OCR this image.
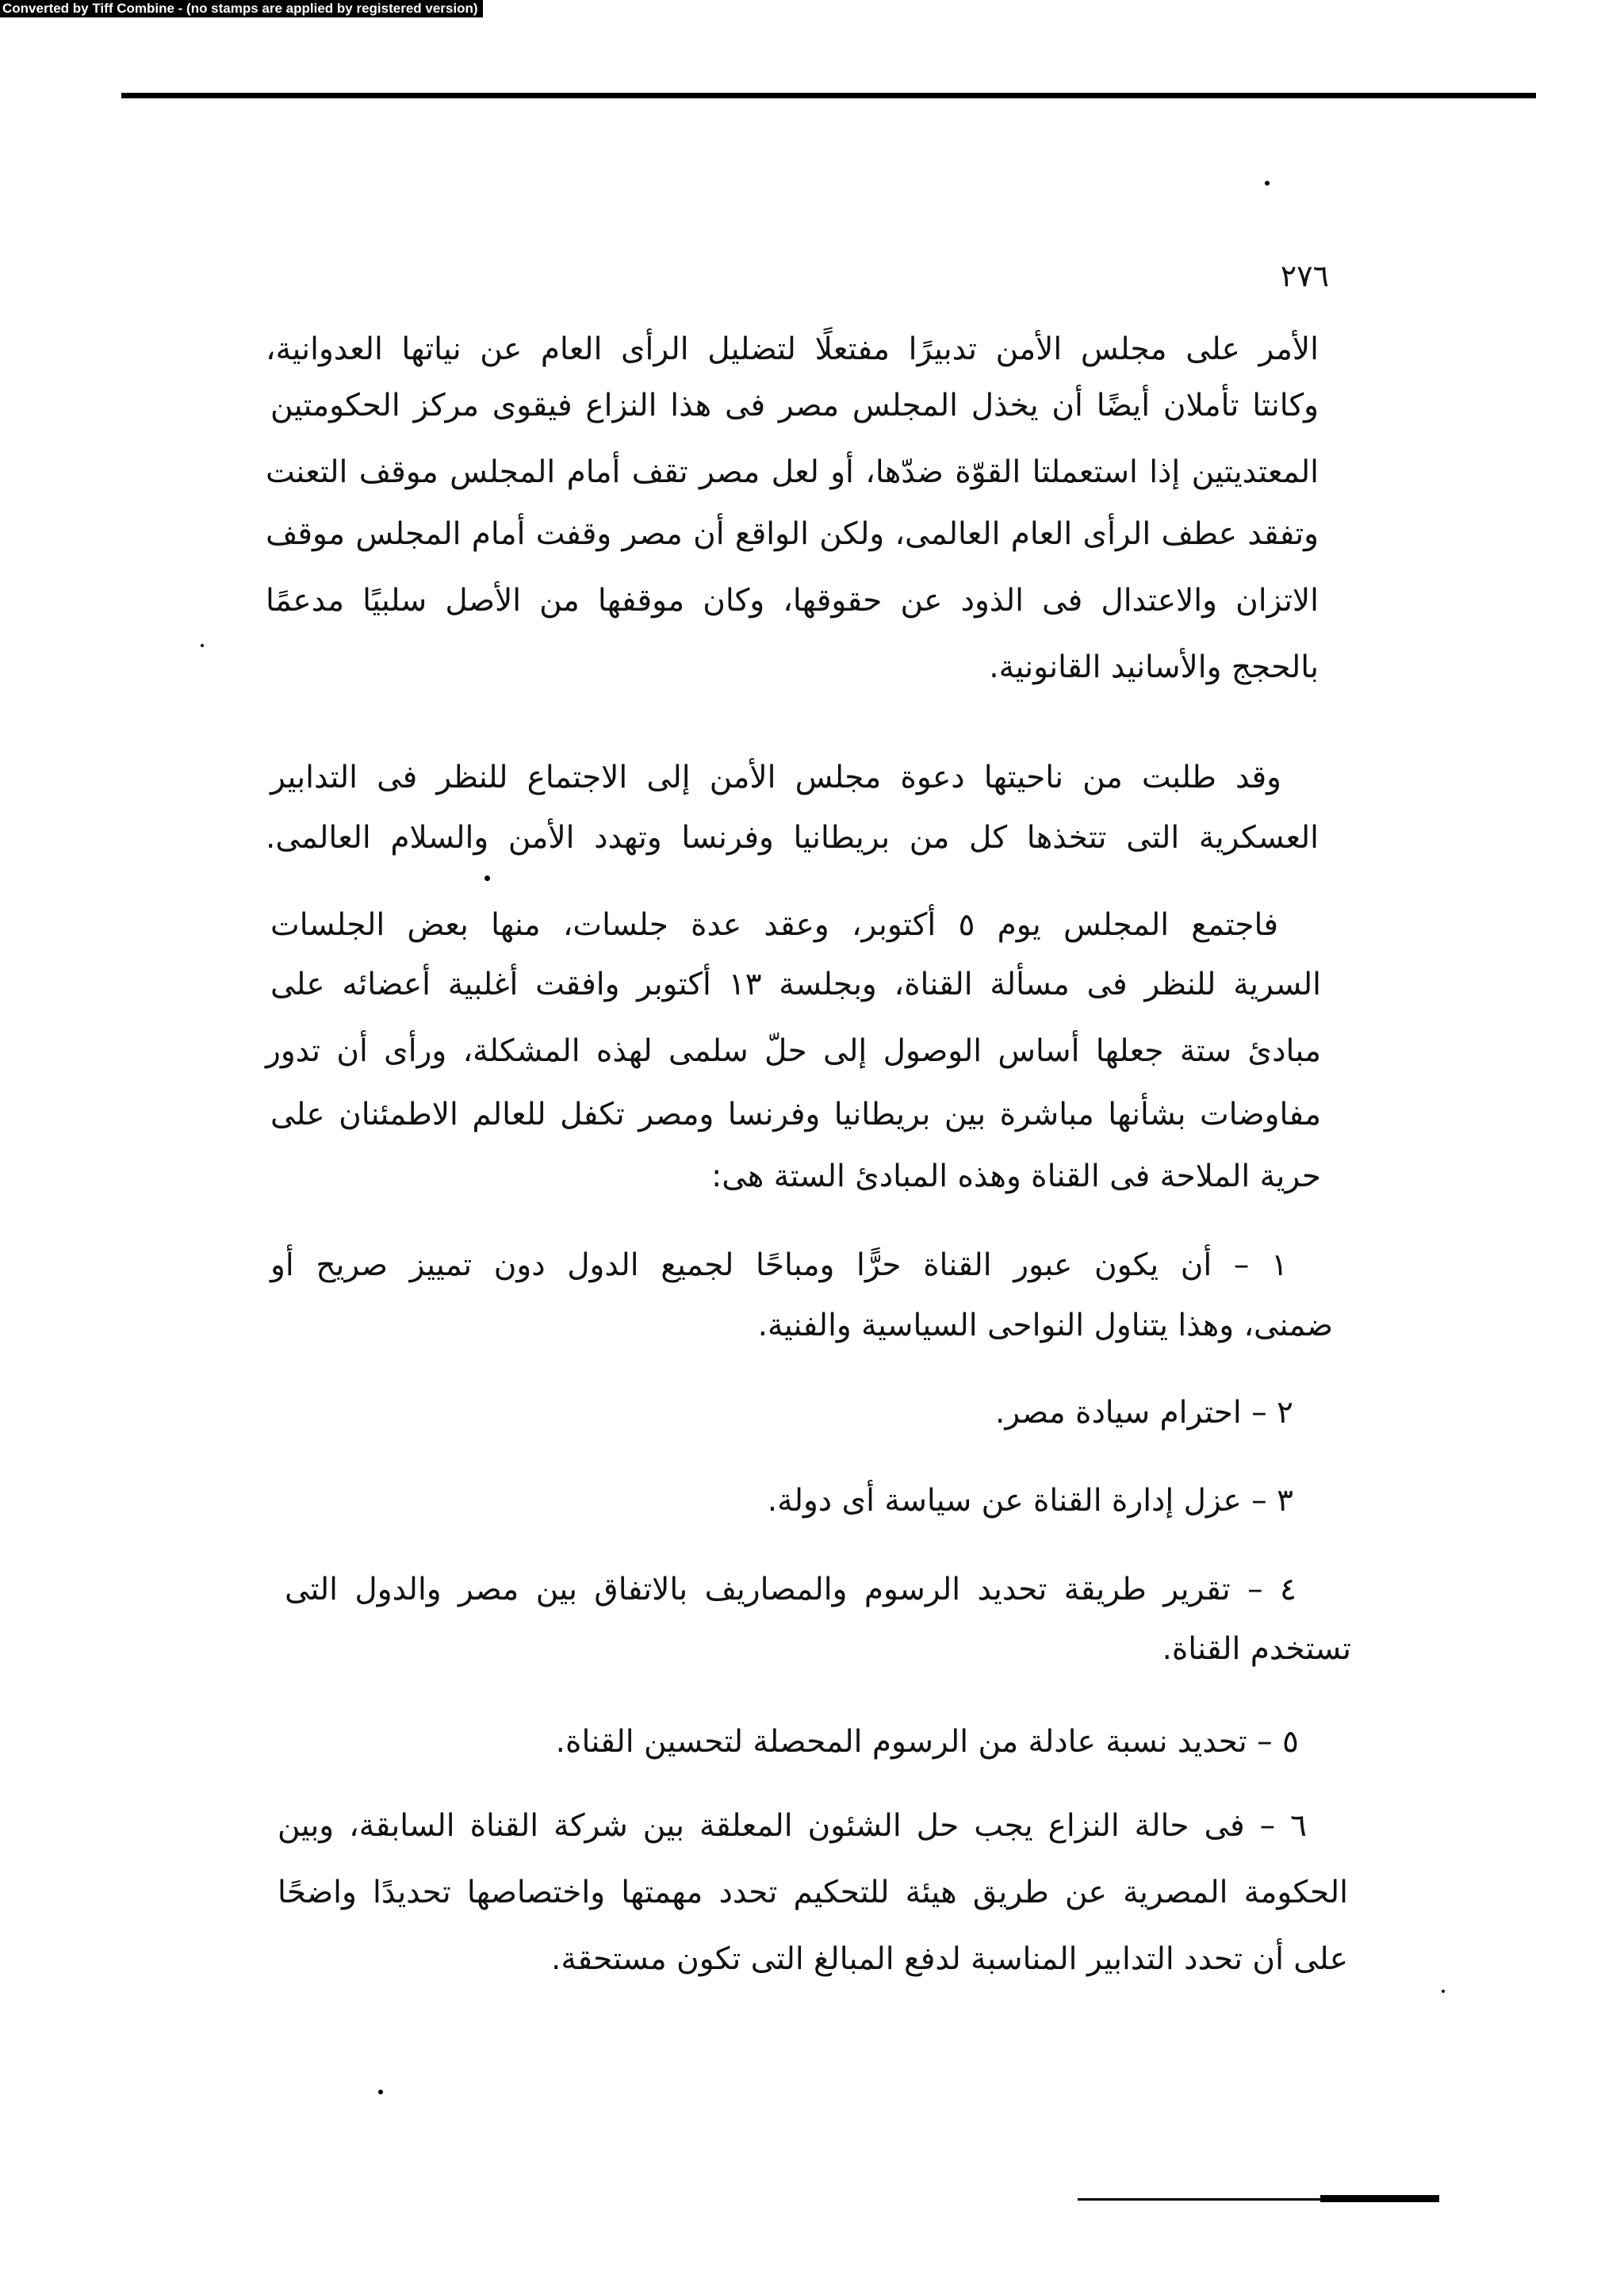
Converted by Tiff Combine - (no stamps are applied by registered version)
٢٧٦
الأمر على مجلس الأمن تدبيرًا مفتعلًا لتضليل الرأى العام عن نياتها العدوانية،
وكانتا تأملان أيضًا أن يخذل المجلس مصر فى هذا النزاع فيقوى مركز الحكومتين
المعتديتين إذا استعملتا القوّة ضدّها، أو لعل مصر تقف أمام المجلس موقف التعنت
وتفقد عطف الرأى العام العالمى، ولكن الواقع أن مصر وقفت أمام المجلس موقف
الاتزان والاعتدال فى الذود عن حقوقها، وكان موقفها من الأصل سلبيًا مدعمًا
بالحجج والأسانيد القانونية.
وقد طلبت من ناحيتها دعوة مجلس الأمن إلى الاجتماع للنظر فى التدابير
العسكرية التى تتخذها كل من بريطانيا وفرنسا وتهدد الأمن والسلام العالمى.
فاجتمع المجلس يوم ٥ أكتوبر، وعقد عدة جلسات، منها بعض الجلسات
السرية للنظر فى مسألة القناة، وبجلسة ١٣ أكتوبر وافقت أغلبية أعضائه على
مبادئ ستة جعلها أساس الوصول إلى حلّ سلمى لهذه المشكلة، ورأى أن تدور
مفاوضات بشأنها مباشرة بين بريطانيا وفرنسا ومصر تكفل للعالم الاطمئنان على
حرية الملاحة فى القناة وهذه المبادئ الستة هى:
١ – أن يكون عبور القناة حرًّا ومباحًا لجميع الدول دون تمييز صريح أو
ضمنى، وهذا يتناول النواحى السياسية والفنية.
٢ – احترام سيادة مصر.
٣ – عزل إدارة القناة عن سياسة أى دولة.
٤ – تقرير طريقة تحديد الرسوم والمصاريف بالاتفاق بين مصر والدول التى
تستخدم القناة.
٥ – تحديد نسبة عادلة من الرسوم المحصلة لتحسين القناة.
٦ – فى حالة النزاع يجب حل الشئون المعلقة بين شركة القناة السابقة، وبين
الحكومة المصرية عن طريق هيئة للتحكيم تحدد مهمتها واختصاصها تحديدًا واضحًا
على أن تحدد التدابير المناسبة لدفع المبالغ التى تكون مستحقة.
